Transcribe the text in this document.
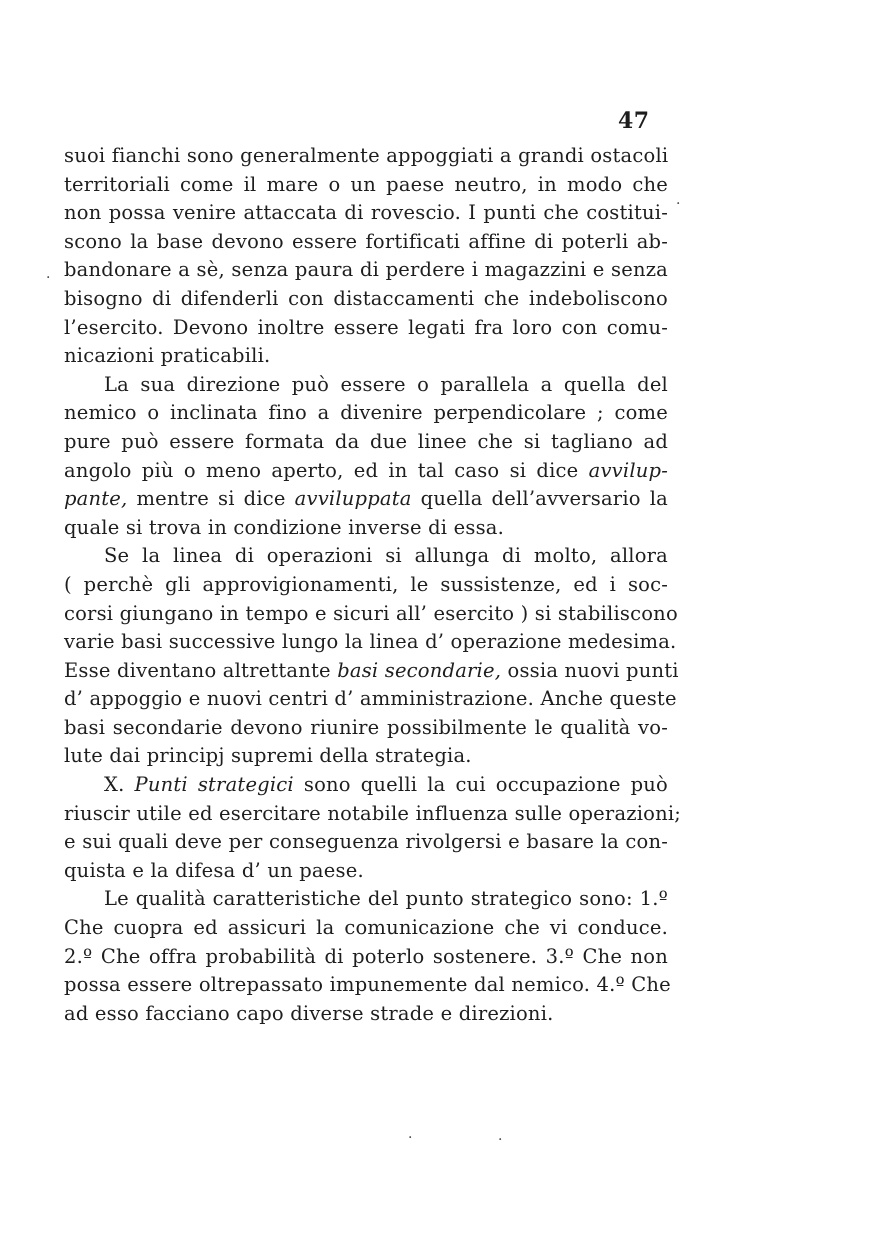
47
suoi fianchi sono generalmente appoggiati a grandi ostacoli
territoriali come il mare o un paese neutro, in modo che
non possa venire attaccata di rovescio. I punti che costitui-
scono la base devono essere fortificati affine di poterli ab-
bandonare a sè, senza paura di perdere i magazzini e senza
bisogno di difenderli con distaccamenti che indeboliscono
l’esercito. Devono inoltre essere legati fra loro con comu-
nicazioni praticabili.
La sua direzione può essere o parallela a quella del
nemico o inclinata fino a divenire perpendicolare ; come
pure può essere formata da due linee che si tagliano ad
angolo più o meno aperto, ed in tal caso si dice avvilup-
pante, mentre si dice avviluppata quella dell’avversario la
quale si trova in condizione inverse di essa.
Se la linea di operazioni si allunga di molto, allora
( perchè gli approvigionamenti, le sussistenze, ed i soc-
corsi giungano in tempo e sicuri all’ esercito ) si stabiliscono
varie basi successive lungo la linea d’ operazione medesima.
Esse diventano altrettante basi secondarie, ossia nuovi punti
d’ appoggio e nuovi centri d’ amministrazione. Anche queste
basi secondarie devono riunire possibilmente le qualità vo-
lute dai principj supremi della strategia.
X. Punti strategici sono quelli la cui occupazione può
riuscir utile ed esercitare notabile influenza sulle operazioni;
e sui quali deve per conseguenza rivolgersi e basare la con-
quista e la difesa d’ un paese.
Le qualità caratteristiche del punto strategico sono: 1.º
Che cuopra ed assicuri la comunicazione che vi conduce.
2.º Che offra probabilità di poterlo sostenere. 3.º Che non
possa essere oltrepassato impunemente dal nemico. 4.º Che
ad esso facciano capo diverse strade e direzioni.
·
·
·
·
